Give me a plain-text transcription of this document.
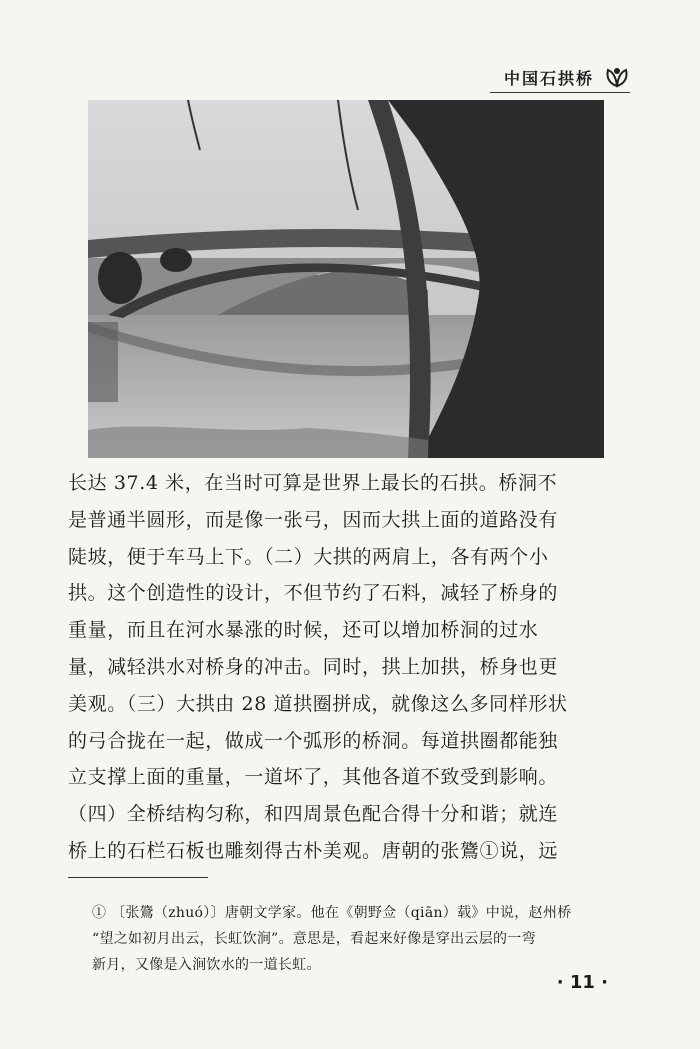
中国石拱桥
长达 37.4 米，在当时可算是世界上最长的石拱。桥洞不
是普通半圆形，而是像一张弓，因而大拱上面的道路没有
陡坡，便于车马上下。（二）大拱的两肩上，各有两个小
拱。这个创造性的设计，不但节约了石料，减轻了桥身的
重量，而且在河水暴涨的时候，还可以增加桥洞的过水
量，减轻洪水对桥身的冲击。同时，拱上加拱，桥身也更
美观。（三）大拱由 28 道拱圈拼成，就像这么多同样形状
的弓合拢在一起，做成一个弧形的桥洞。每道拱圈都能独
立支撑上面的重量，一道坏了，其他各道不致受到影响。
（四）全桥结构匀称，和四周景色配合得十分和谐；就连
桥上的石栏石板也雕刻得古朴美观。唐朝的张鷟①说，远
① 〔张鷟（zhuó）〕唐朝文学家。他在《朝野佥（qiān）载》中说，赵州桥
“望之如初月出云，长虹饮涧”。意思是，看起来好像是穿出云层的一弯
新月，又像是入涧饮水的一道长虹。
· 11 ·
